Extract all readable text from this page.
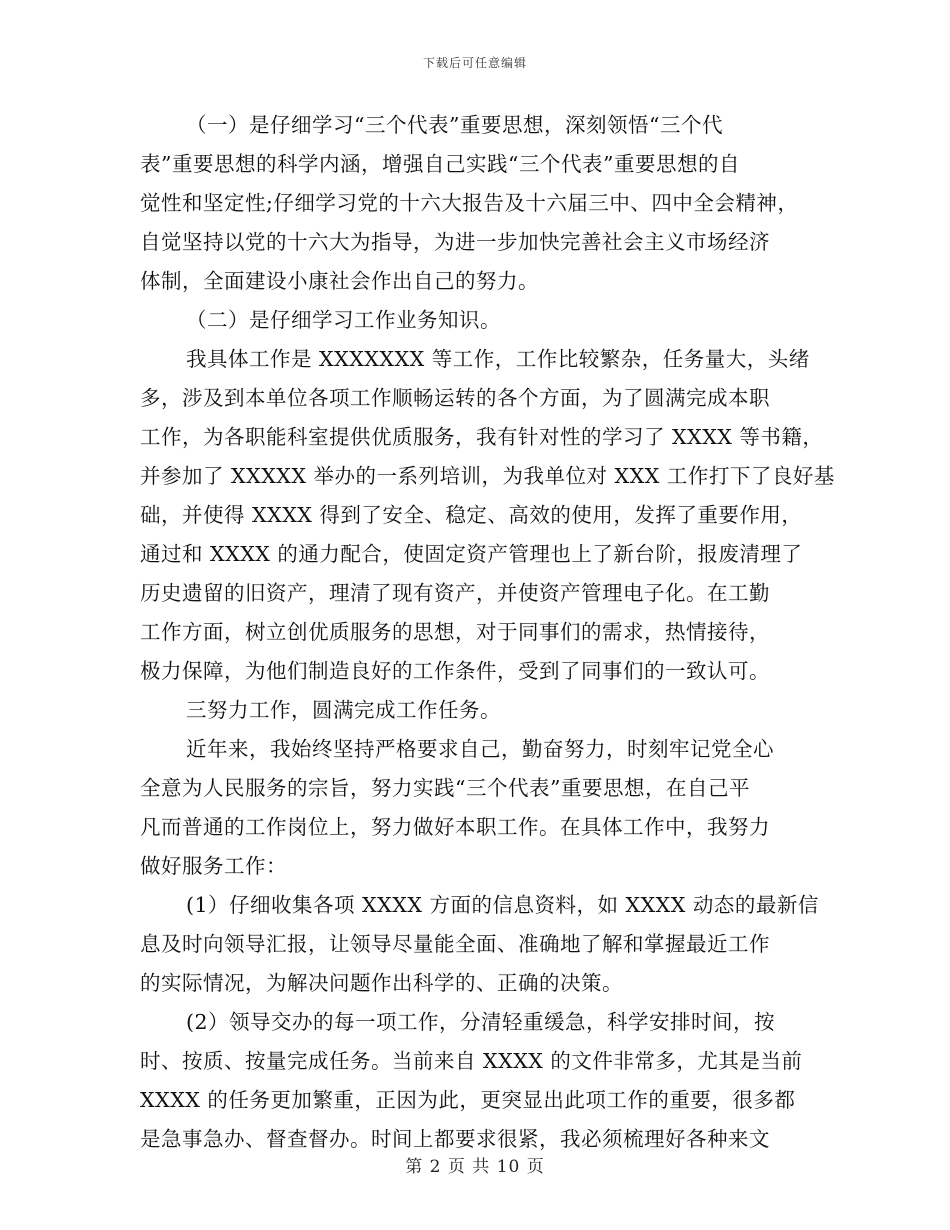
下载后可任意编辑
（一）是仔细学习“三个代表”重要思想，深刻领悟“三个代
表”重要思想的科学内涵，增强自己实践“三个代表”重要思想的自
觉性和坚定性;仔细学习党的十六大报告及十六届三中、四中全会精神，
自觉坚持以党的十六大为指导，为进一步加快完善社会主义市场经济
体制，全面建设小康社会作出自己的努力。
（二）是仔细学习工作业务知识。
我具体工作是 XXXXXXX 等工作，工作比较繁杂，任务量大，头绪
多，涉及到本单位各项工作顺畅运转的各个方面，为了圆满完成本职
工作，为各职能科室提供优质服务，我有针对性的学习了 XXXX 等书籍，
并参加了 XXXXX 举办的一系列培训，为我单位对 XXX 工作打下了良好基
础，并使得 XXXX 得到了安全、稳定、高效的使用，发挥了重要作用，
通过和 XXXX 的通力配合，使固定资产管理也上了新台阶，报废清理了
历史遗留的旧资产，理清了现有资产，并使资产管理电子化。在工勤
工作方面，树立创优质服务的思想，对于同事们的需求，热情接待，
极力保障，为他们制造良好的工作条件，受到了同事们的一致认可。
三努力工作，圆满完成工作任务。
近年来，我始终坚持严格要求自己，勤奋努力，时刻牢记党全心
全意为人民服务的宗旨，努力实践“三个代表”重要思想，在自己平
凡而普通的工作岗位上，努力做好本职工作。在具体工作中，我努力
做好服务工作：
(1）仔细收集各项 XXXX 方面的信息资料，如 XXXX 动态的最新信
息及时向领导汇报，让领导尽量能全面、准确地了解和掌握最近工作
的实际情况，为解决问题作出科学的、正确的决策。
(2）领导交办的每一项工作，分清轻重缓急，科学安排时间，按
时、按质、按量完成任务。当前来自 XXXX 的文件非常多，尤其是当前
XXXX 的任务更加繁重，正因为此，更突显出此项工作的重要，很多都
是急事急办、督查督办。时间上都要求很紧，我必须梳理好各种来文
第 2 页 共 10 页
